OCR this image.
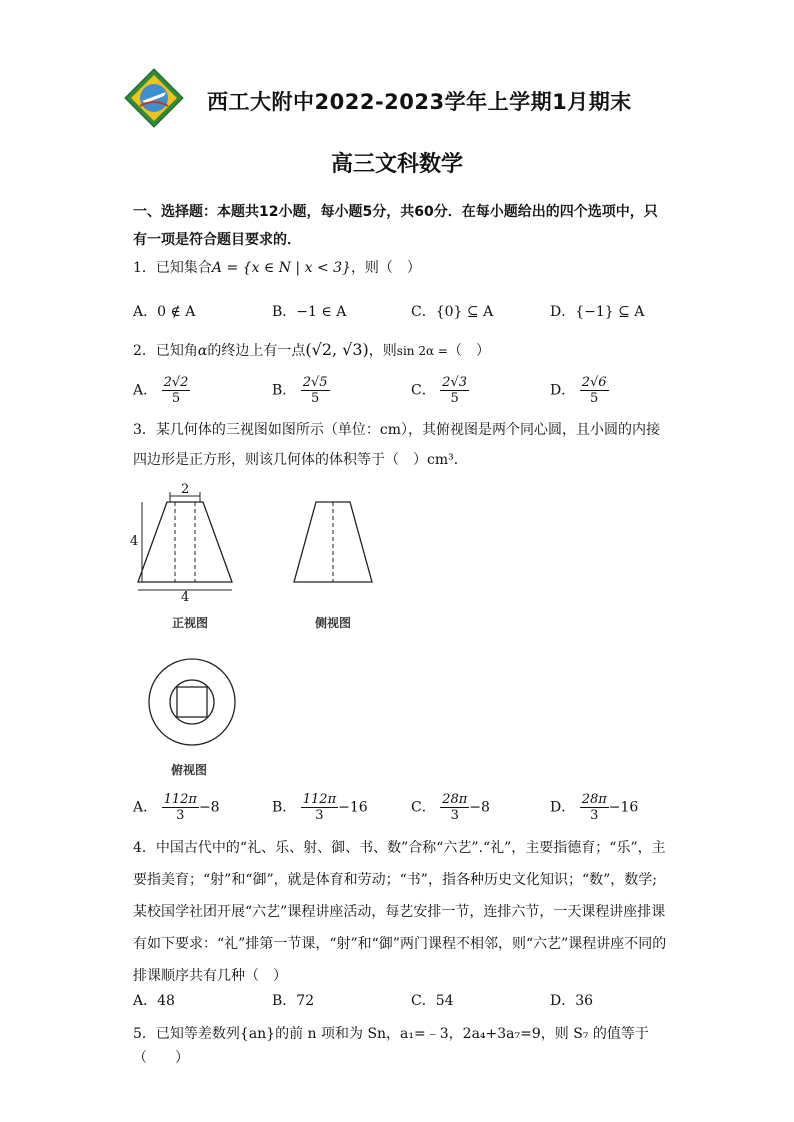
西工大附中2022-2023学年上学期1月期末
高三文科数学
一、选择题：本题共12小题，每小题5分，共60分．在每小题给出的四个选项中，只
有一项是符合题目要求的．
1．已知集合A = {x ∈ N | x < 3}，则（　）
A．0 ∉ A	B．−1 ∈ A	C．{0} ⊆ A	D．{−1} ⊆ A
2．已知角α的终边上有一点(√2, √3)，则sin 2α =（　）
A． $\frac{2√2}{5}$	B． $\frac{2√5}{5}$	C． $\frac{2√3}{5}$	D． $\frac{2√6}{5}$
3．某几何体的三视图如图所示（单位：cm），其俯视图是两个同心圆，且小圆的内接
四边形是正方形，则该几何体的体积等于（　）cm³．
2
4
4
正视图	侧视图
俯视图
A． $\frac{112\pi}{3} -8$	B． $\frac{112\pi}{3} -16$	C． $\frac{28\pi}{3} -8$	D． $\frac{28\pi}{3} -16$
4．中国古代中的“礼、乐、射、御、书、数”合称“六艺”.“礼”，主要指德育；“乐”，主
要指美育；“射”和“御”，就是体育和劳动；“书”，指各种历史文化知识；“数”，数学;
某校国学社团开展“六艺”课程讲座活动，每艺安排一节，连排六节，一天课程讲座排课
有如下要求：“礼”排第一节课，“射”和“御”两门课程不相邻，则“六艺”课程讲座不同的
排课顺序共有几种（　）
A．48	B．72	C．54	D．36
5．已知等差数列{an}的前 n 项和为 Sn，a₁=﹣3，2a₄+3a₇=9，则 S₇ 的值等于（　　）
